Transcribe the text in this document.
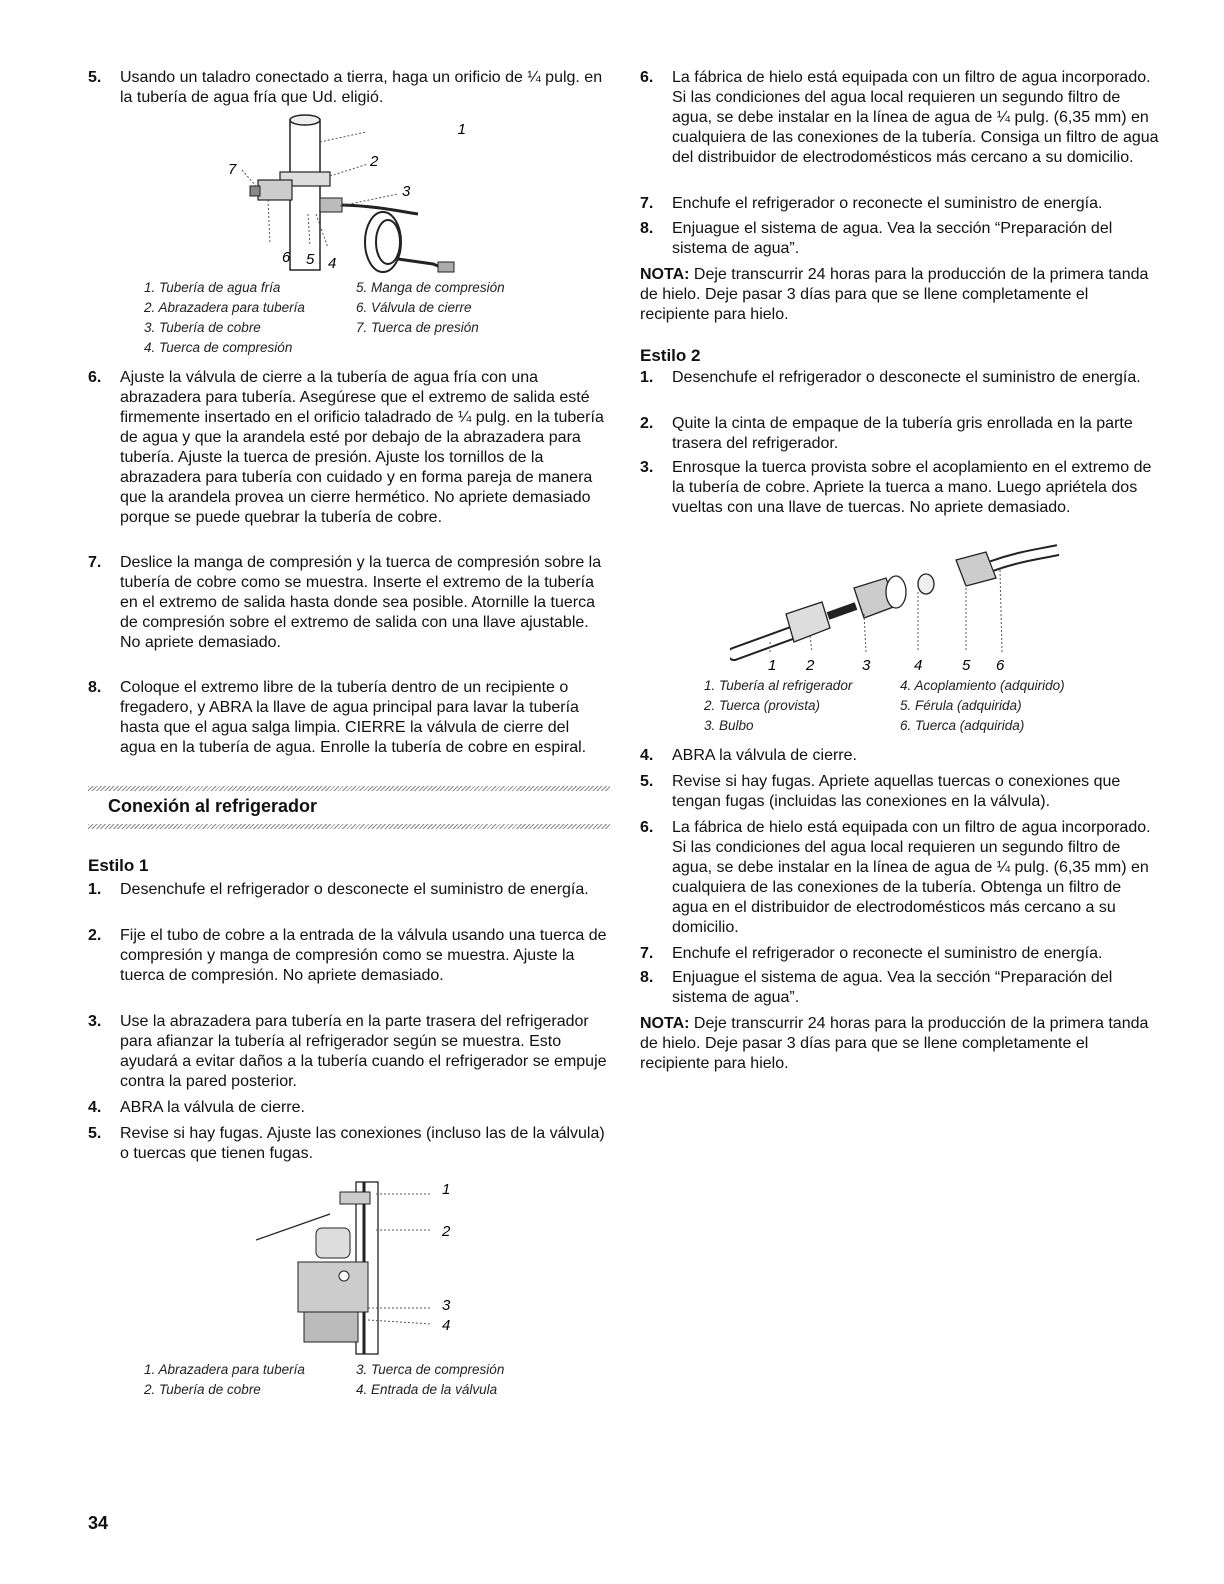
5.	Usando un taladro conectado a tierra, haga un orificio de ¼ pulg. en la tubería de agua fría que Ud. eligió.
1
2
3
4
5
6
7
1. Tubería de agua fría
2. Abrazadera para tubería
3. Tubería de cobre
4. Tuerca de compresión
5. Manga de compresión
6. Válvula de cierre
7. Tuerca de presión
6.	Ajuste la válvula de cierre a la tubería de agua fría con una abrazadera para tubería. Asegúrese que el extremo de salida esté firmemente insertado en el orificio taladrado de ¼ pulg. en la tubería de agua y que la arandela esté por debajo de la abrazadera para tubería. Ajuste la tuerca de presión. Ajuste los tornillos de la abrazadera para tubería con cuidado y en forma pareja de manera que la arandela provea un cierre hermético. No apriete demasiado porque se puede quebrar la tubería de cobre.
7.	Deslice la manga de compresión y la tuerca de compresión sobre la tubería de cobre como se muestra. Inserte el extremo de la tubería en el extremo de salida hasta donde sea posible. Atornille la tuerca de compresión sobre el extremo de salida con una llave ajustable. No apriete demasiado.
8.	Coloque el extremo libre de la tubería dentro de un recipiente o fregadero, y ABRA la llave de agua principal para lavar la tubería hasta que el agua salga limpia. CIERRE la válvula de cierre del agua en la tubería de agua. Enrolle la tubería de cobre en espiral.
Conexión al refrigerador
Estilo 1
1.	Desenchufe el refrigerador o desconecte el suministro de energía.
2.	Fije el tubo de cobre a la entrada de la válvula usando una tuerca de compresión y manga de compresión como se muestra. Ajuste la tuerca de compresión. No apriete demasiado.
3.	Use la abrazadera para tubería en la parte trasera del refrigerador para afianzar la tubería al refrigerador según se muestra. Esto ayudará a evitar daños a la tubería cuando el refrigerador se empuje contra la pared posterior.
4.	ABRA la válvula de cierre.
5.	Revise si hay fugas. Ajuste las conexiones (incluso las de la válvula) o tuercas que tienen fugas.
1
2
3
4
1. Abrazadera para tubería
2. Tubería de cobre
3. Tuerca de compresión
4. Entrada de la válvula
6.	La fábrica de hielo está equipada con un filtro de agua incorporado. Si las condiciones del agua local requieren un segundo filtro de agua, se debe instalar en la línea de agua de ¼ pulg. (6,35 mm) en cualquiera de las conexiones de la tubería. Consiga un filtro de agua del distribuidor de electrodomésticos más cercano a su domicilio.
7.	Enchufe el refrigerador o reconecte el suministro de energía.
8.	Enjuague el sistema de agua. Vea la sección “Preparación del sistema de agua”.
NOTA: Deje transcurrir 24 horas para la producción de la primera tanda de hielo. Deje pasar 3 días para que se llene completamente el recipiente para hielo.
Estilo 2
1.	Desenchufe el refrigerador o desconecte el suministro de energía.
2.	Quite la cinta de empaque de la tubería gris enrollada en la parte trasera del refrigerador.
3.	Enrosque la tuerca provista sobre el acoplamiento en el extremo de la tubería de cobre. Apriete la tuerca a mano. Luego apriétela dos vueltas con una llave de tuercas. No apriete demasiado.
1 2	3	4	5 6
1. Tubería al refrigerador
2. Tuerca (provista)
3. Bulbo
4. Acoplamiento (adquirido)
5. Férula (adquirida)
6. Tuerca (adquirida)
4.	ABRA la válvula de cierre.
5.	Revise si hay fugas. Apriete aquellas tuercas o conexiones que tengan fugas (incluidas las conexiones en la válvula).
6.	La fábrica de hielo está equipada con un filtro de agua incorporado. Si las condiciones del agua local requieren un segundo filtro de agua, se debe instalar en la línea de agua de ¼ pulg. (6,35 mm) en cualquiera de las conexiones de la tubería. Obtenga un filtro de agua en el distribuidor de electrodomésticos más cercano a su domicilio.
7.	Enchufe el refrigerador o reconecte el suministro de energía.
8.	Enjuague el sistema de agua. Vea la sección “Preparación del sistema de agua”.
NOTA: Deje transcurrir 24 horas para la producción de la primera tanda de hielo. Deje pasar 3 días para que se llene completamente el recipiente para hielo.
34
